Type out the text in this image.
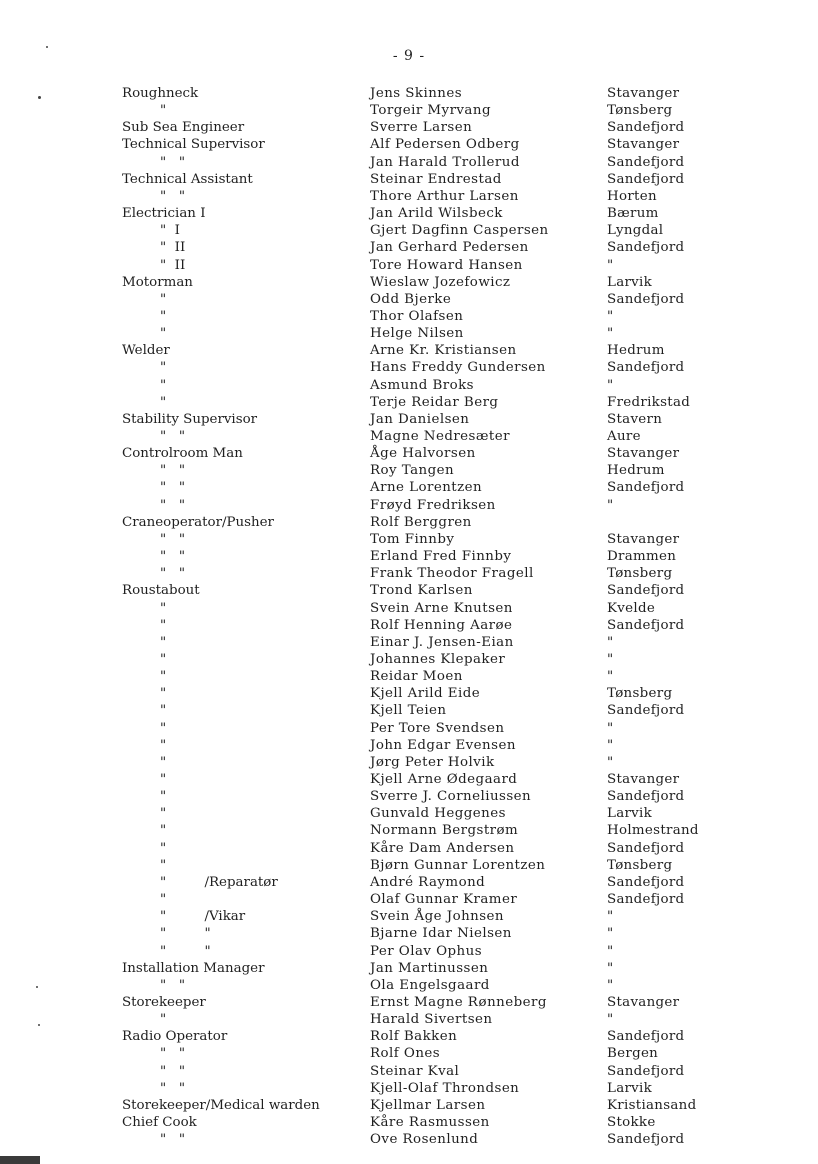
- 9 -
Roughneck	Jens Skinnes	Stavanger
"	Torgeir Myrvang	Tønsberg
Sub Sea Engineer	Sverre Larsen	Sandefjord
Technical Supervisor	Alf Pedersen Odberg	Stavanger
"   "	Jan Harald Trollerud	Sandefjord
Technical Assistant	Steinar Endrestad	Sandefjord
"   "	Thore Arthur Larsen	Horten
Electrician I	Jan Arild Wilsbeck	Bærum
"  I	Gjert Dagfinn Caspersen	Lyngdal
"  II	Jan Gerhard Pedersen	Sandefjord
"  II	Tore Howard Hansen	"
Motorman	Wieslaw Jozefowicz	Larvik
"	Odd Bjerke	Sandefjord
"	Thor Olafsen	"
"	Helge Nilsen	"
Welder	Arne Kr. Kristiansen	Hedrum
"	Hans Freddy Gundersen	Sandefjord
"	Asmund Broks	"
"	Terje Reidar Berg	Fredrikstad
Stability Supervisor	Jan Danielsen	Stavern
"   "	Magne Nedresæter	Aure
Controlroom Man	Åge Halvorsen	Stavanger
"   "	Roy Tangen	Hedrum
"   "	Arne Lorentzen	Sandefjord
"   "	Frøyd Fredriksen	"
Craneoperator/Pusher	Rolf Berggren
"   "	Tom Finnby	Stavanger
"   "	Erland Fred Finnby	Drammen
"   "	Frank Theodor Fragell	Tønsberg
Roustabout	Trond Karlsen	Sandefjord
"	Svein Arne Knutsen	Kvelde
"	Rolf Henning Aarøe	Sandefjord
"	Einar J. Jensen-Eian	"
"	Johannes Klepaker	"
"	Reidar Moen	"
"	Kjell Arild Eide	Tønsberg
"	Kjell Teien	Sandefjord
"	Per Tore Svendsen	"
"	John Edgar Evensen	"
"	Jørg Peter Holvik	"
"	Kjell Arne Ødegaard	Stavanger
"	Sverre J. Corneliussen	Sandefjord
"	Gunvald Heggenes	Larvik
"	Normann Bergstrøm	Holmestrand
"	Kåre Dam Andersen	Sandefjord
"	Bjørn Gunnar Lorentzen	Tønsberg
"         /Reparatør	André Raymond	Sandefjord
"	Olaf Gunnar Kramer	Sandefjord
"         /Vikar	Svein Åge Johnsen	"
"         "	Bjarne Idar Nielsen	"
"         "	Per Olav Ophus	"
Installation Manager	Jan Martinussen	"
"   "	Ola Engelsgaard	"
Storekeeper	Ernst Magne Rønneberg	Stavanger
"	Harald Sivertsen	"
Radio Operator	Rolf Bakken	Sandefjord
"   "	Rolf Ones	Bergen
"   "	Steinar Kval	Sandefjord
"   "	Kjell-Olaf Throndsen	Larvik
Storekeeper/Medical warden	Kjellmar Larsen	Kristiansand
Chief Cook	Kåre Rasmussen	Stokke
"   "	Ove Rosenlund	Sandefjord
